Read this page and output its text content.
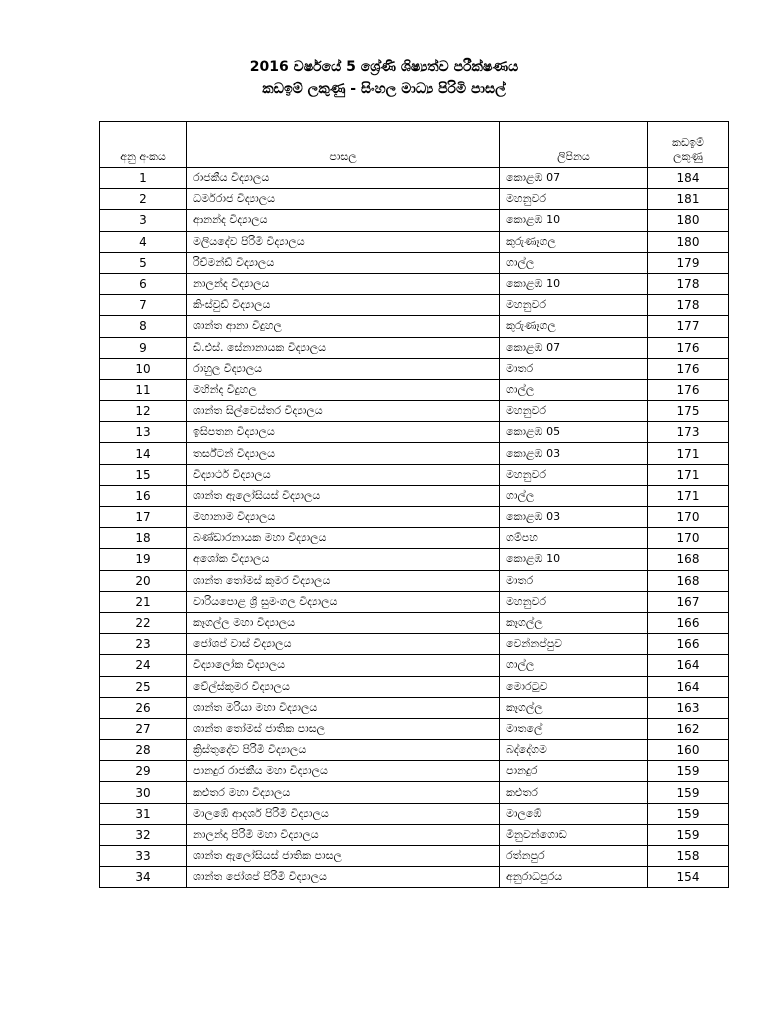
2016 වර්ෂයේ 5 ශ්‍රේණි ශිෂ්‍යත්ව පරීක්ෂණය
කඩඉම් ලකුණු - සිංහල මාධ්‍ය පිරිමි පාසල්
අනු අංකය	පාසල	ලිපිනය	කඩඉම්
ලකුණු
1	රාජකීය විද්‍යාලය	කොළඹ 07	184
2	ධර්මරාජ විද්‍යාලය	මහනුවර	181
3	ආනන්ද විද්‍යාලය	කොළඹ 10	180
4	මලියදේව පිරිමි විද්‍යාලය	කුරුණෑගල	180
5	රිච්මන්ඩ් විද්‍යාලය	ගාල්ල	179
6	නාලන්ද විද්‍යාලය	කොළඹ 10	178
7	කිංස්වුඩ් විද්‍යාලය	මහනුවර	178
8	ශාන්ත ආනා විදුහල	කුරුණෑගල	177
9	ඩී.එස්. සේනානායක විද්‍යාලය	කොළඹ 07	176
10	රාහුල විද්‍යාලය	මාතර	176
11	මහින්ද විදුහල	ගාල්ල	176
12	ශාන්ත සිල්වෙස්තර විද්‍යාලය	මහනුවර	175
13	ඉසිපතන විද්‍යාලය	කොළඹ 05	173
14	තර්ස්ටන් විද්‍යාලය	කොළඹ 03	171
15	විද්‍යාර්ථ විද්‍යාලය	මහනුවර	171
16	ශාන්ත ඇලෝසියස් විද්‍යාලය	ගාල්ල	171
17	මහානාම විද්‍යාලය	කොළඹ 03	170
18	බණ්ඩාරනායක මහා විද්‍යාලය	ගම්පහ	170
19	අශෝක විද්‍යාලය	කොළඹ 10	168
20	ශාන්ත තෝමස් කුමර විද්‍යාලය	මාතර	168
21	වාරියපොළ ශ්‍රී සුමංගල විද්‍යාලය	මහනුවර	167
22	කෑගල්ල මහා විද්‍යාලය	කෑගල්ල	166
23	ජෝශප් වාස් විද්‍යාලය	වෙන්නප්පුව	166
24	විද්‍යාලෝක විද්‍යාලය	ගාල්ල	164
25	වේල්ස්කුමර විද්‍යාලය	මොරටුව	164
26	ශාන්ත මරියා මහා විද්‍යාලය	කෑගල්ල	163
27	ශාන්ත තෝමස් ජාතික පාසල	මාතලේ	162
28	ක්‍රිස්තුදේව පිරිමි විද්‍යාලය	බද්දේගම	160
29	පානදුර රාජකීය මහා විද්‍යාලය	පානදුර	159
30	කළුතර මහා විද්‍යාලය	කළුතර	159
31	මාලඹේ ආදර්ශ පිරිමි විද්‍යාලය	මාලඹේ	159
32	නාලන්දා පිරිමි මහා විද්‍යාලය	මිනුවන්ගොඩ	159
33	ශාන්ත ඇලෝසියස් ජාතික පාසල	රත්නපුර	158
34	ශාන්ත ජෝශප් පිරිමි විද්‍යාලය	අනුරාධපුරය	154
